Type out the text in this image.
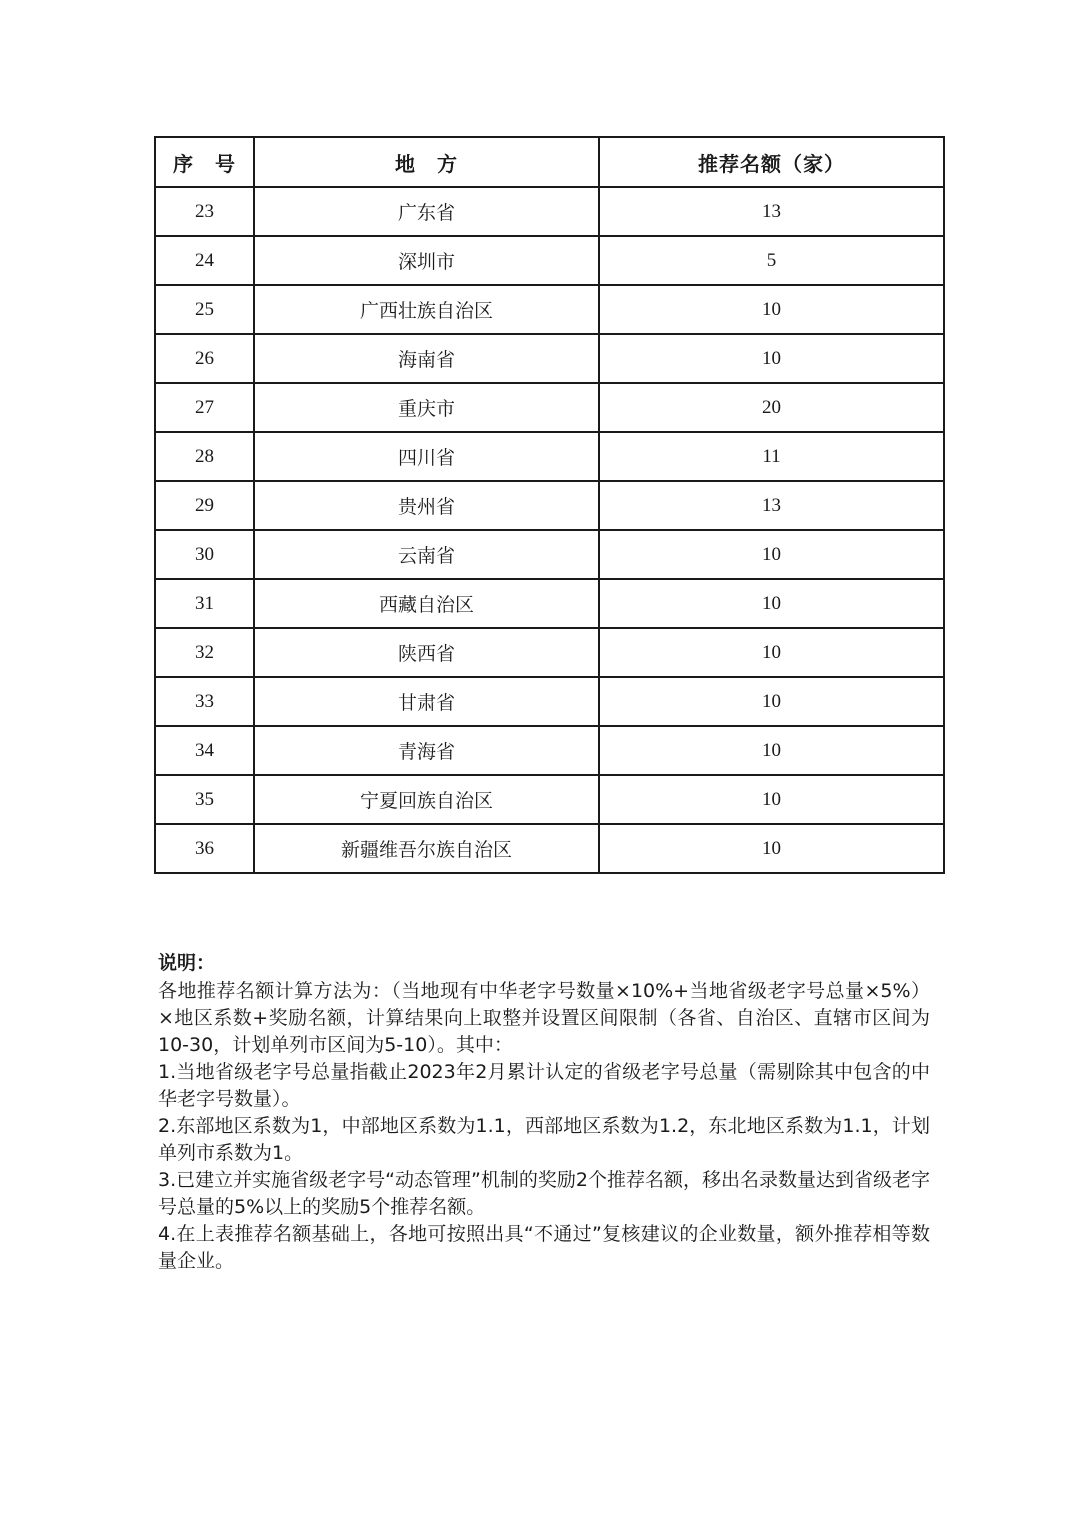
序　号	地　方	推荐名额（家）
23	广东省	13
24	深圳市	5
25	广西壮族自治区	10
26	海南省	10
27	重庆市	20
28	四川省	11
29	贵州省	13
30	云南省	10
31	西藏自治区	10
32	陕西省	10
33	甘肃省	10
34	青海省	10
35	宁夏回族自治区	10
36	新疆维吾尔族自治区	10
说明：

各地推荐名额计算方法为：（当地现有中华老字号数量×10%+当地省级老字号总量×5%）×地区系数+奖励名额，计算结果向上取整并设置区间限制（各省、自治区、直辖市区间为10-30，计划单列市区间为5-10）。其中：

1.当地省级老字号总量指截止2023年2月累计认定的省级老字号总量（需剔除其中包含的中华老字号数量）。

2.东部地区系数为1，中部地区系数为1.1，西部地区系数为1.2，东北地区系数为1.1，计划单列市系数为1。

3.已建立并实施省级老字号“动态管理”机制的奖励2个推荐名额，移出名录数量达到省级老字号总量的5%以上的奖励5个推荐名额。

4.在上表推荐名额基础上，各地可按照出具“不通过”复核建议的企业数量，额外推荐相等数量企业。
